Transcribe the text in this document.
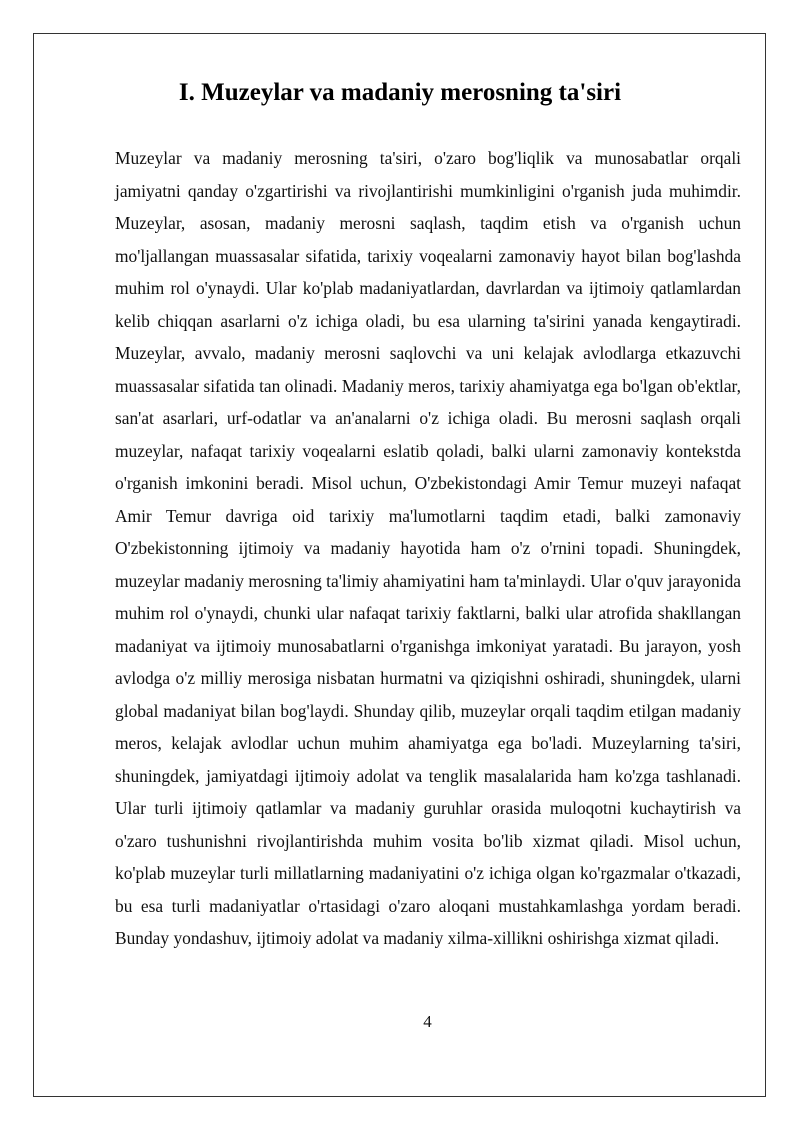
I. Muzeylar va madaniy merosning ta'siri

Muzeylar va madaniy merosning ta'siri, o'zaro bog'liqlik va munosabatlar orqali jamiyatni qanday o'zgartirishi va rivojlantirishi mumkinligini o'rganish juda muhimdir. Muzeylar, asosan, madaniy merosni saqlash, taqdim etish va o'rganish uchun mo'ljallangan muassasalar sifatida, tarixiy voqealarni zamonaviy hayot bilan bog'lashda muhim rol o'ynaydi. Ular ko'plab madaniyatlardan, davrlardan va ijtimoiy qatlamlardan kelib chiqqan asarlarni o'z ichiga oladi, bu esa ularning ta'sirini yanada kengaytiradi. Muzeylar, avvalo, madaniy merosni saqlovchi va uni kelajak avlodlarga etkazuvchi muassasalar sifatida tan olinadi. Madaniy meros, tarixiy ahamiyatga ega bo'lgan ob'ektlar, san'at asarlari, urf-odatlar va an'analarni o'z ichiga oladi. Bu merosni saqlash orqali muzeylar, nafaqat tarixiy voqealarni eslatib qoladi, balki ularni zamonaviy kontekstda o'rganish imkonini beradi. Misol uchun, O'zbekistondagi Amir Temur muzeyi nafaqat Amir Temur davriga oid tarixiy ma'lumotlarni taqdim etadi, balki zamonaviy O'zbekistonning ijtimoiy va madaniy hayotida ham o'z o'rnini topadi. Shuningdek, muzeylar madaniy merosning ta'limiy ahamiyatini ham ta'minlaydi. Ular o'quv jarayonida muhim rol o'ynaydi, chunki ular nafaqat tarixiy faktlarni, balki ular atrofida shakllangan madaniyat va ijtimoiy munosabatlarni o'rganishga imkoniyat yaratadi. Bu jarayon, yosh avlodga o'z milliy merosiga nisbatan hurmatni va qiziqishni oshiradi, shuningdek, ularni global madaniyat bilan bog'laydi. Shunday qilib, muzeylar orqali taqdim etilgan madaniy meros, kelajak avlodlar uchun muhim ahamiyatga ega bo'ladi. Muzeylarning ta'siri, shuningdek, jamiyatdagi ijtimoiy adolat va tenglik masalalarida ham ko'zga tashlanadi. Ular turli ijtimoiy qatlamlar va madaniy guruhlar orasida muloqotni kuchaytirish va o'zaro tushunishni rivojlantirishda muhim vosita bo'lib xizmat qiladi. Misol uchun, ko'plab muzeylar turli millatlarning madaniyatini o'z ichiga olgan ko'rgazmalar o'tkazadi, bu esa turli madaniyatlar o'rtasidagi o'zaro aloqani mustahkamlashga yordam beradi. Bunday yondashuv, ijtimoiy adolat va madaniy xilma-xillikni oshirishga xizmat qiladi.

4
